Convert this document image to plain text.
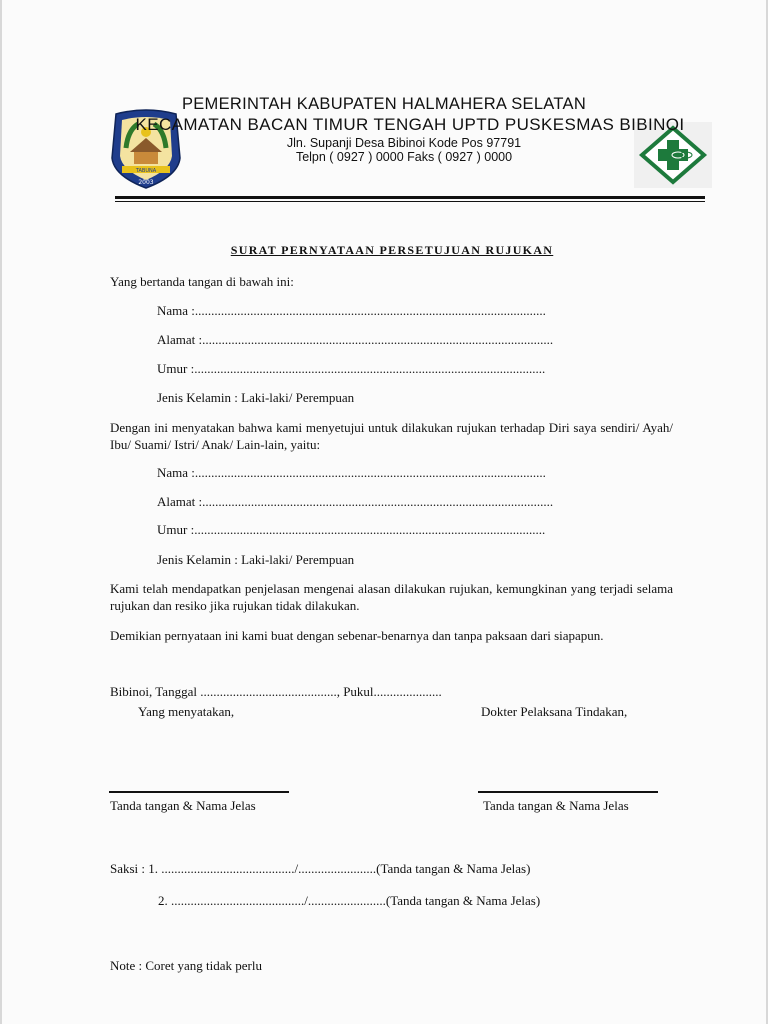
TABUNA
2003
PEMERINTAH KABUPATEN HALMAHERA SELATAN
KECAMATAN BACAN TIMUR TENGAH UPTD PUSKESMAS BIBINOI
Jln. Supanji Desa Bibinoi Kode Pos 97791
Telpn ( 0927 ) 0000 Faks ( 0927 ) 0000
SURAT PERNYATAAN PERSETUJUAN RUJUKAN
Yang bertanda tangan di bawah ini:
Nama :............................................................................................................
Alamat :............................................................................................................
Umur :............................................................................................................
Jenis Kelamin : Laki-laki/ Perempuan
Dengan ini menyatakan bahwa kami menyetujui untuk dilakukan rujukan terhadap Diri saya sendiri/ Ayah/ Ibu/ Suami/ Istri/ Anak/ Lain-lain, yaitu:
Nama :............................................................................................................
Alamat :............................................................................................................
Umur :............................................................................................................
Jenis Kelamin : Laki-laki/ Perempuan
Kami telah mendapatkan penjelasan mengenai alasan dilakukan rujukan, kemungkinan yang terjadi selama rujukan dan resiko jika rujukan tidak dilakukan.
Demikian pernyataan ini kami buat dengan sebenar-benarnya dan tanpa paksaan dari siapapun.
Bibinoi, Tanggal .........................................., Pukul.....................
Yang menyatakan,	Dokter Pelaksana Tindakan,
Tanda tangan & Nama Jelas	Tanda tangan & Nama Jelas
Saksi : 1. ........................................./........................(Tanda tangan & Nama Jelas)
2. ........................................./........................(Tanda tangan & Nama Jelas)
Note : Coret yang tidak perlu
